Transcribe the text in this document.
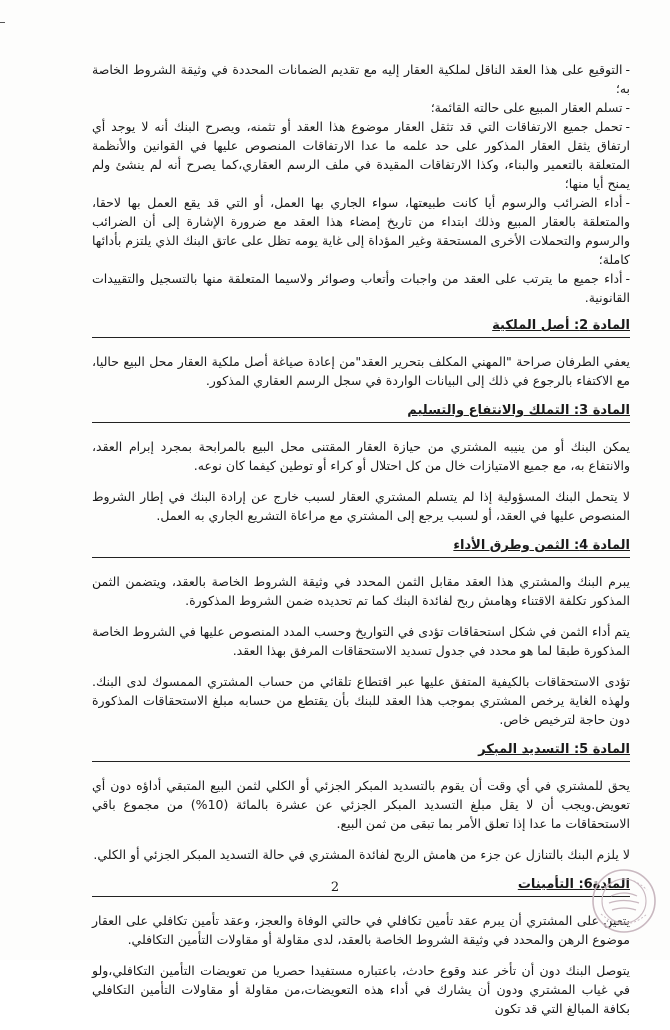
-التوقيع على هذا العقد الناقل لملكية العقار إليه مع تقديم الضمانات المحددة في وثيقة الشروط الخاصة به؛
-تسلم العقار المبيع على حالته القائمة؛
-تحمل جميع الارتفاقات التي قد تثقل العقار موضوع هذا العقد أو تثمنه، ويصرح البنك أنه لا يوجد أي ارتفاق يثقل العقار المذكور على حد علمه ما عدا الارتفاقات المنصوص عليها في القوانين والأنظمة المتعلقة بالتعمير والبناء، وكذا الارتفاقات المقيدة في ملف الرسم العقاري،كما يصرح أنه لم ينشئ ولم يمنح أيا منها؛
-أداء الضرائب والرسوم أيا كانت طبيعتها، سواء الجاري بها العمل، أو التي قد يقع العمل بها لاحقا، والمتعلقة بالعقار المبيع وذلك ابتداء من تاريخ إمضاء هذا العقد مع ضرورة الإشارة إلى أن الضرائب والرسوم والتحملات الأخرى المستحقة وغير المؤداة إلى غاية يومه تظل على عاتق البنك الذي يلتزم بأدائها كاملة؛
-أداء جميع ما يترتب على العقد من واجبات وأتعاب وصوائر ولاسيما المتعلقة منها بالتسجيل والتقييدات القانونية.
المادة 2: أصل الملكية

يعفي الطرفان صراحة "المهني المكلف بتحرير العقد"من إعادة صياغة أصل ملكية العقار محل البيع حاليا، مع الاكتفاء بالرجوع في ذلك إلى البيانات الواردة في سجل الرسم العقاري المذكور.

المادة 3: التملك والانتفاع والتسليم

يمكن البنك أو من ينيبه المشتري من حيازة العقار المقتنى محل البيع بالمرابحة بمجرد إبرام العقد، والانتفاع به، مع جميع الامتيازات خال من كل احتلال أو كراء أو توطين كيفما كان نوعه.

لا يتحمل البنك المسؤولية إذا لم يتسلم المشتري العقار لسبب خارج عن إرادة البنك في إطار الشروط المنصوص عليها في العقد، أو لسبب يرجع إلى المشتري مع مراعاة التشريع الجاري به العمل.

المادة 4: الثمن وطرق الأداء

يبرم البنك والمشتري هذا العقد مقابل الثمن المحدد في وثيقة الشروط الخاصة بالعقد، ويتضمن الثمن المذكور تكلفة الاقتناء وهامش ربح لفائدة البنك كما تم تحديده ضمن الشروط المذكورة.

يتم أداء الثمن في شكل استحقاقات تؤدى في التواريخ وحسب المدد المنصوص عليها في الشروط الخاصة المذكورة طبقا لما هو محدد في جدول تسديد الاستحقاقات المرفق بهذا العقد.

تؤدى الاستحقاقات بالكيفية المتفق عليها عبر اقتطاع تلقائي من حساب المشتري الممسوك لدى البنك. ولهذه الغاية يرخص المشتري بموجب هذا العقد للبنك بأن يقتطع من حسابه مبلغ الاستحقاقات المذكورة دون حاجة لترخيص خاص.

المادة 5: التسديد المبكر

يحق للمشتري في أي وقت أن يقوم بالتسديد المبكر الجزئي أو الكلي لثمن البيع المتبقي أداؤه دون أي تعويض.ويجب أن لا يقل مبلغ التسديد المبكر الجزئي عن عشرة بالمائة (10%) من مجموع باقي الاستحقاقات ما عدا إذا تعلق الأمر بما تبقى من ثمن البيع.

لا يلزم البنك بالتنازل عن جزء من هامش الربح لفائدة المشتري في حالة التسديد المبكر الجزئي أو الكلي.

المادة6: التأمينات

يتعين على المشتري أن يبرم عقد تأمين تكافلي في حالتي الوفاة والعجز، وعقد تأمين تكافلي على العقار موضوع الرهن والمحدد في وثيقة الشروط الخاصة بالعقد، لدى مقاولة أو مقاولات التأمين التكافلي.

يتوصل البنك دون أن تأخر عند وقوع حادث، باعتباره مستفيدا حصريا من تعويضات التأمين التكافلي،ولو في غياب المشتري ودون أن يشارك في أداء هذه التعويضات،من مقاولة أو مقاولات التأمين التكافلي بكافة المبالغ التي قد تكون

2
